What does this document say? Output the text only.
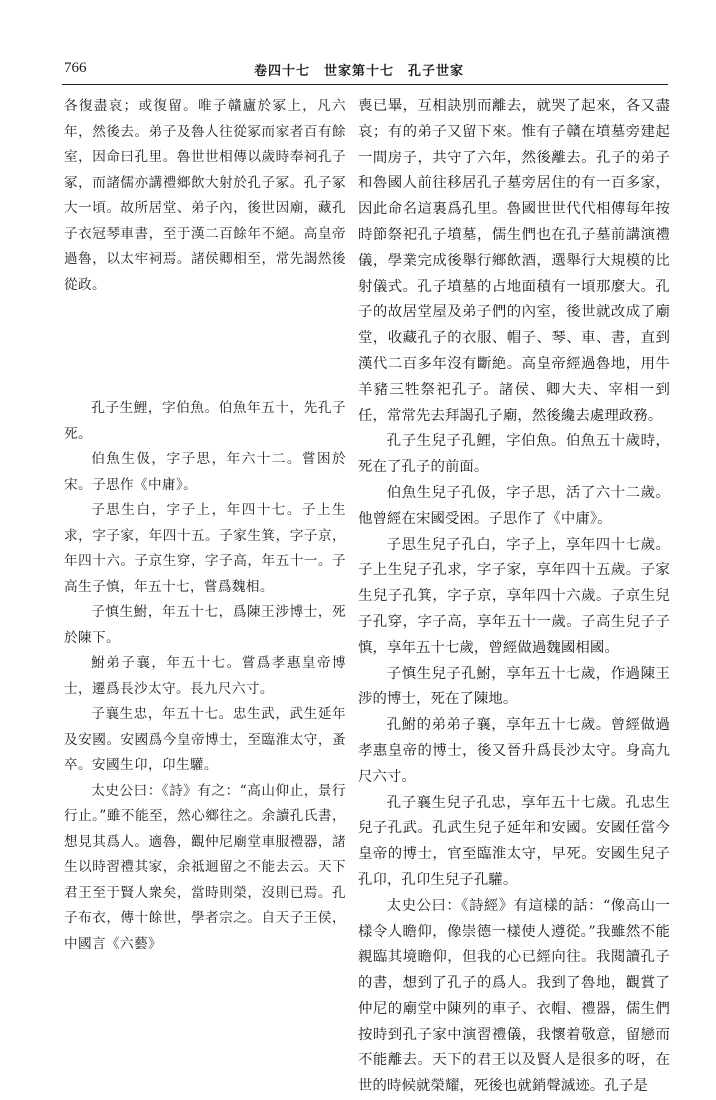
766	卷四十七　世家第十七　孔子世家

各復盡哀；或復留。唯子贛廬於冢上，凡六年，然後去。弟子及魯人往從冢而家者百有餘室，因命曰孔里。魯世世相傳以歲時奉祠孔子冢，而諸儒亦講禮鄉飲大射於孔子冢。孔子冢大一頃。故所居堂、弟子內，後世因廟，藏孔子衣冠琴車書，至于漢二百餘年不絕。高皇帝過魯，以太牢祠焉。諸侯卿相至，常先謁然後從政。

孔子生鯉，字伯魚。伯魚年五十，先孔子死。

伯魚生伋，字子思，年六十二。嘗困於宋。子思作《中庸》。

子思生白，字子上，年四十七。子上生求，字子家，年四十五。子家生箕，字子京，年四十六。子京生穿，字子高，年五十一。子高生子慎，年五十七，嘗爲魏相。

子慎生鮒，年五十七，爲陳王涉博士，死於陳下。

鮒弟子襄，年五十七。嘗爲孝惠皇帝博士，遷爲長沙太守。長九尺六寸。

子襄生忠，年五十七。忠生武，武生延年及安國。安國爲今皇帝博士，至臨淮太守，蚤卒。安國生卬，卬生驩。

太史公曰：《詩》有之：“高山仰止，景行行止。”雖不能至，然心鄉往之。余讀孔氏書，想見其爲人。適魯，觀仲尼廟堂車服禮器，諸生以時習禮其家，余祗迴留之不能去云。天下君王至于賢人衆矣，當時則榮，沒則已焉。孔子布衣，傳十餘世，學者宗之。自天子王侯，中國言《六藝》

喪已畢，互相訣別而離去，就哭了起來，各又盡哀；有的弟子又留下來。惟有子贛在墳墓旁建起一間房子，共守了六年，然後離去。孔子的弟子和魯國人前往移居孔子墓旁居住的有一百多家，因此命名這裏爲孔里。魯國世世代代相傳每年按時節祭祀孔子墳墓，儒生們也在孔子墓前講演禮儀，學業完成後舉行鄉飲酒，選舉行大規模的比射儀式。孔子墳墓的占地面積有一頃那麼大。孔子的故居堂屋及弟子們的內室，後世就改成了廟堂，收藏孔子的衣服、帽子、琴、車、書，直到漢代二百多年沒有斷絶。高皇帝經過魯地，用牛羊豬三牲祭祀孔子。諸侯、卿大夫、宰相一到任，常常先去拜謁孔子廟，然後纔去處理政務。

孔子生兒子孔鯉，字伯魚。伯魚五十歲時，死在了孔子的前面。

伯魚生兒子孔伋，字子思，活了六十二歲。他曾經在宋國受困。子思作了《中庸》。

子思生兒子孔白，字子上，享年四十七歲。子上生兒子孔求，字子家，享年四十五歲。子家生兒子孔箕，字子京，享年四十六歲。子京生兒子孔穿，字子高，享年五十一歲。子高生兒子子慎，享年五十七歲，曾經做過魏國相國。

子慎生兒子孔鮒，享年五十七歲，作過陳王涉的博士，死在了陳地。

孔鮒的弟弟子襄，享年五十七歲。曾經做過孝惠皇帝的博士，後又晉升爲長沙太守。身高九尺六寸。

孔子襄生兒子孔忠，享年五十七歲。孔忠生兒子孔武。孔武生兒子延年和安國。安國任當今皇帝的博士，官至臨淮太守，早死。安國生兒子孔卬，孔卬生兒子孔驩。

太史公曰：《詩經》有這樣的話：“像高山一樣令人瞻仰，像崇德一樣使人遵從。”我雖然不能親臨其境瞻仰，但我的心已經向往。我閱讀孔子的書，想到了孔子的爲人。我到了魯地，觀賞了仲尼的廟堂中陳列的車子、衣帽、禮器，儒生們按時到孔子家中演習禮儀，我懷着敬意，留戀而不能離去。天下的君王以及賢人是很多的呀，在世的時候就榮耀，死後也就銷聲滅迹。孔子是
